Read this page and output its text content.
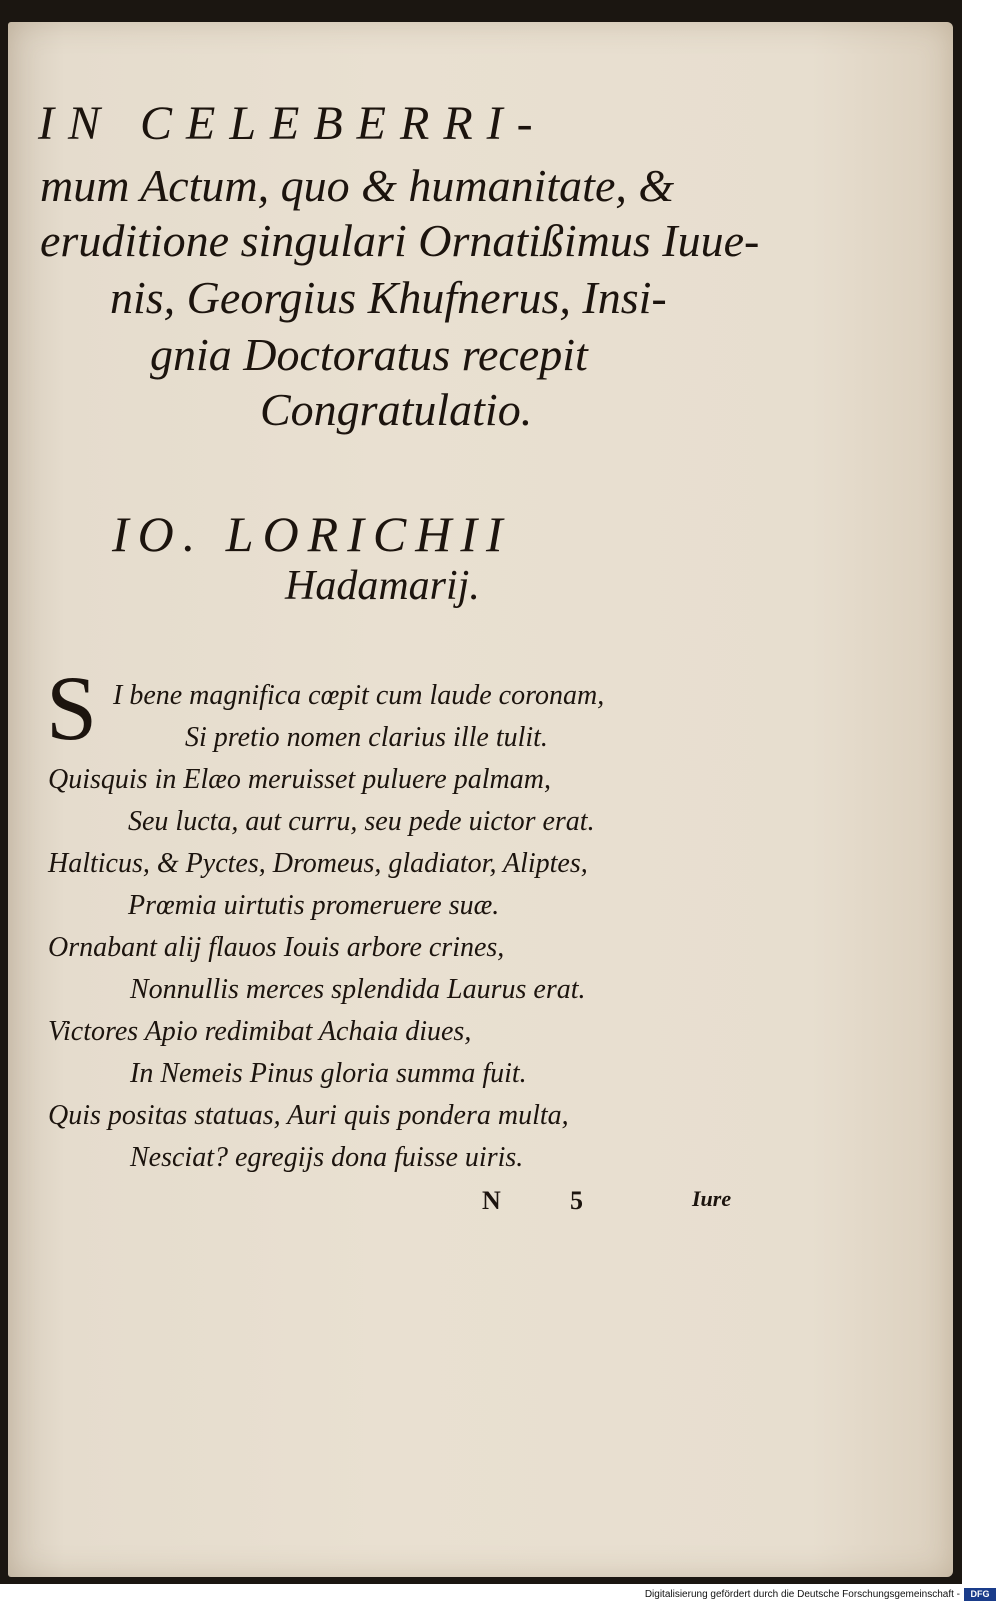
IN CELEBERRI-
mum Actum, quo & humanitate, &
eruditione singulari Ornatißimus Iuue-
nis, Georgius Khufnerus, Insi-
gnia Doctoratus recepit
Congratulatio.
IO. LORICHII
Hadamarij.
S I bene magnifica cœpit cum laude coronam,
Si pretio nomen clarius ille tulit.
Quisquis in Elæo meruisset puluere palmam,
Seu lucta, aut curru, seu pede uictor erat.
Halticus, & Pyctes, Dromeus, gladiator, Aliptes,
Prœmia uirtutis promeruere suæ.
Ornabant alij flauos Iouis arbore crines,
Nonnullis merces splendida Laurus erat.
Victores Apio redimibat Achaia diues,
In Nemeis Pinus gloria summa fuit.
Quis positas statuas, Auri quis pondera multa,
Nesciat? egregijs dona fuisse uiris.
N	5	Iure
Digitalisierung gefördert durch die Deutsche Forschungsgemeinschaft -	DFG
